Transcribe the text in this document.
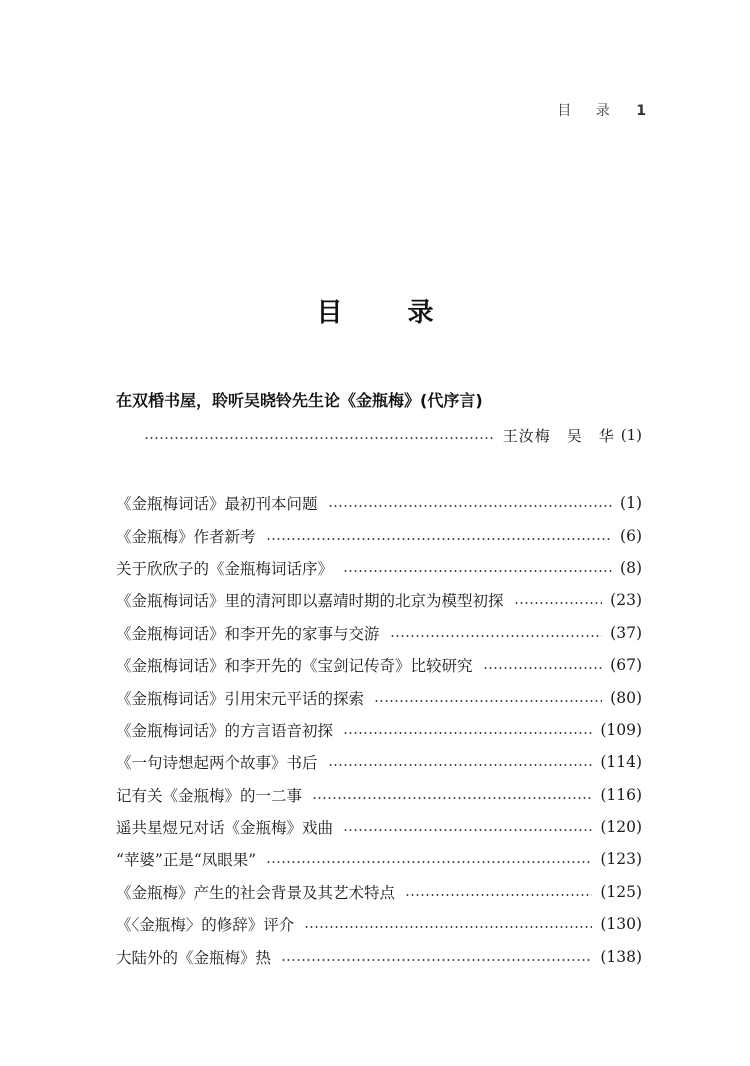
目 录 1
目 录
在双棔书屋，聆听吴晓铃先生论《金瓶梅》(代序言)
王汝梅　吴　华 (1)
《金瓶梅词话》最初刊本问题	(1)
《金瓶梅》作者新考	(6)
关于欣欣子的《金瓶梅词话序》	(8)
《金瓶梅词话》里的清河即以嘉靖时期的北京为模型初探	(23)
《金瓶梅词话》和李开先的家事与交游	(37)
《金瓶梅词话》和李开先的《宝剑记传奇》比较研究	(67)
《金瓶梅词话》引用宋元平话的探索	(80)
《金瓶梅词话》的方言语音初探	(109)
《一句诗想起两个故事》书后	(114)
记有关《金瓶梅》的一二事	(116)
遥共星煜兄对话《金瓶梅》戏曲	(120)
“苹婆”正是“凤眼果”	(123)
《金瓶梅》产生的社会背景及其艺术特点	(125)
《〈金瓶梅〉的修辞》评介	(130)
大陆外的《金瓶梅》热	(138)
